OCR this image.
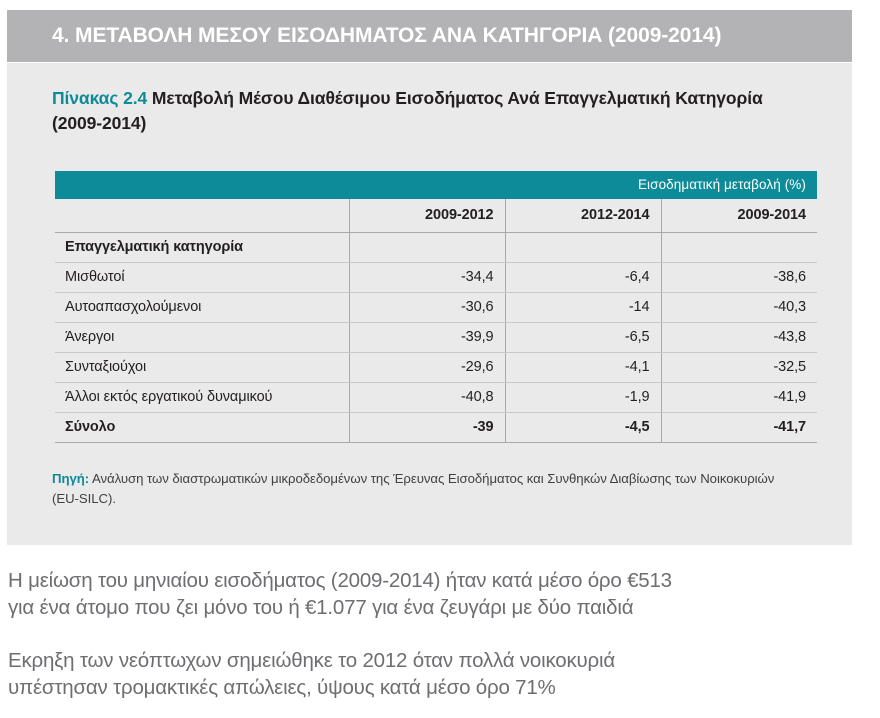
4. ΜΕΤΑΒΟΛΗ ΜΕΣΟΥ ΕΙΣΟΔΗΜΑΤΟΣ ΑΝΑ ΚΑΤΗΓΟΡΙΑ (2009-2014)
Πίνακας 2.4 Μεταβολή Μέσου Διαθέσιμου Εισοδήματος Ανά Επαγγελματική Κατηγορία (2009-2014)
Εισοδηματική μεταβολή (%)			
	2009-2012	2012-2014	2009-2014
Επαγγελματική κατηγορία			
Μισθωτοί	-34,4	-6,4	-38,6
Αυτοαπασχολούμενοι	-30,6	-14	-40,3
Άνεργοι	-39,9	-6,5	-43,8
Συνταξιούχοι	-29,6	-4,1	-32,5
Άλλοι εκτός εργατικού δυναμικού	-40,8	-1,9	-41,9
Σύνολο	-39	-4,5	-41,7
Πηγή: Ανάλυση των διαστρωματικών μικροδεδομένων της Έρευνας Εισοδήματος και Συνθηκών Διαβίωσης των Νοικοκυριών (EU-SILC).
Η μείωση του μηνιαίου εισοδήματος (2009-2014) ήταν κατά μέσο όρο €513
για ένα άτομο που ζει μόνο του ή €1.077 για ένα ζευγάρι με δύο παιδιά
Εκρηξη των νεόπτωχων σημειώθηκε το 2012 όταν πολλά νοικοκυριά
υπέστησαν τρομακτικές απώλειες, ύψους κατά μέσο όρο 71%
